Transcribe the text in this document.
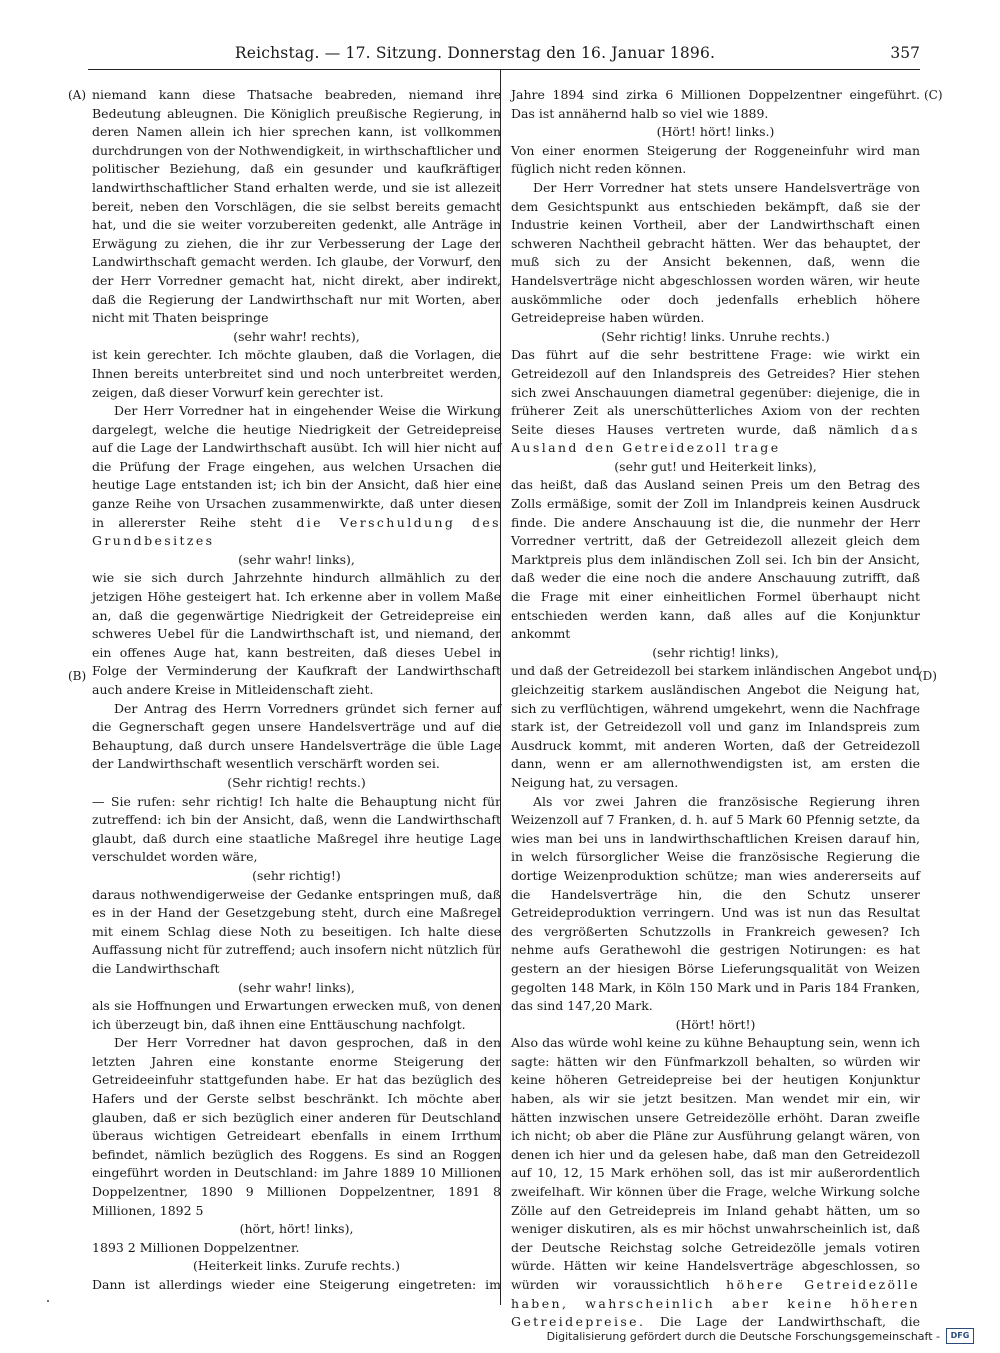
Reichstag. — 17. Sitzung. Donnerstag den 16. Januar 1896.	357
(A)
(B)
(C)
(D)

niemand kann diese Thatsache beabreden, niemand ihre Bedeutung ableugnen. Die Königlich preußische Regierung, in deren Namen allein ich hier sprechen kann, ist vollkommen durchdrungen von der Nothwendigkeit, in wirthschaftlicher und politischer Beziehung, daß ein gesunder und kaufkräftiger landwirthschaftlicher Stand erhalten werde, und sie ist allezeit bereit, neben den Vorschlägen, die sie selbst bereits gemacht hat, und die sie weiter vorzubereiten gedenkt, alle Anträge in Erwägung zu ziehen, die ihr zur Verbesserung der Lage der Landwirthschaft gemacht werden. Ich glaube, der Vorwurf, den der Herr Vorredner gemacht hat, nicht direkt, aber indirekt, daß die Regierung der Landwirthschaft nur mit Worten, aber nicht mit Thaten beispringe

(sehr wahr! rechts),

ist kein gerechter. Ich möchte glauben, daß die Vorlagen, die Ihnen bereits unterbreitet sind und noch unterbreitet werden, zeigen, daß dieser Vorwurf kein gerechter ist.

Der Herr Vorredner hat in eingehender Weise die Wirkung dargelegt, welche die heutige Niedrigkeit der Getreidepreise auf die Lage der Landwirthschaft ausübt. Ich will hier nicht auf die Prüfung der Frage eingehen, aus welchen Ursachen die heutige Lage entstanden ist; ich bin der Ansicht, daß hier eine ganze Reihe von Ursachen zusammenwirkte, daß unter diesen in allererster Reihe steht die Verschuldung des Grundbesitzes

(sehr wahr! links),

wie sie sich durch Jahrzehnte hindurch allmählich zu der jetzigen Höhe gesteigert hat. Ich erkenne aber in vollem Maße an, daß die gegenwärtige Niedrigkeit der Getreidepreise ein schweres Uebel für die Landwirthschaft ist, und niemand, der ein offenes Auge hat, kann bestreiten, daß dieses Uebel in Folge der Verminderung der Kaufkraft der Landwirthschaft auch andere Kreise in Mitleidenschaft zieht.

Der Antrag des Herrn Vorredners gründet sich ferner auf die Gegnerschaft gegen unsere Handelsverträge und auf die Behauptung, daß durch unsere Handelsverträge die üble Lage der Landwirthschaft wesentlich verschärft worden sei.

(Sehr richtig! rechts.)

— Sie rufen: sehr richtig! Ich halte die Behauptung nicht für zutreffend: ich bin der Ansicht, daß, wenn die Landwirthschaft glaubt, daß durch eine staatliche Maßregel ihre heutige Lage verschuldet worden wäre,

(sehr richtig!)

daraus nothwendigerweise der Gedanke entspringen muß, daß es in der Hand der Gesetzgebung steht, durch eine Maßregel mit einem Schlag diese Noth zu beseitigen. Ich halte diese Auffassung nicht für zutreffend; auch insofern nicht nützlich für die Landwirthschaft

(sehr wahr! links),

als sie Hoffnungen und Erwartungen erwecken muß, von denen ich überzeugt bin, daß ihnen eine Enttäuschung nachfolgt.

Der Herr Vorredner hat davon gesprochen, daß in den letzten Jahren eine konstante enorme Steigerung der Getreideeinfuhr stattgefunden habe. Er hat das bezüglich des Hafers und der Gerste selbst beschränkt. Ich möchte aber glauben, daß er sich bezüglich einer anderen für Deutschland überaus wichtigen Getreideart ebenfalls in einem Irrthum befindet, nämlich bezüglich des Roggens. Es sind an Roggen eingeführt worden in Deutschland: im Jahre 1889 10 Millionen Doppelzentner, 1890 9 Millionen Doppelzentner, 1891 8 Millionen, 1892 5

(hört, hört! links),

1893 2 Millionen Doppelzentner.

(Heiterkeit links. Zurufe rechts.)

Dann ist allerdings wieder eine Steigerung eingetreten: im

Jahre 1894 sind zirka 6 Millionen Doppelzentner eingeführt. Das ist annähernd halb so viel wie 1889.

(Hört! hört! links.)

Von einer enormen Steigerung der Roggeneinfuhr wird man füglich nicht reden können.

Der Herr Vorredner hat stets unsere Handelsverträge von dem Gesichtspunkt aus entschieden bekämpft, daß sie der Industrie keinen Vortheil, aber der Landwirthschaft einen schweren Nachtheil gebracht hätten. Wer das behauptet, der muß sich zu der Ansicht bekennen, daß, wenn die Handelsverträge nicht abgeschlossen worden wären, wir heute auskömmliche oder doch jedenfalls erheblich höhere Getreidepreise haben würden.

(Sehr richtig! links. Unruhe rechts.)

Das führt auf die sehr bestrittene Frage: wie wirkt ein Getreidezoll auf den Inlandspreis des Getreides? Hier stehen sich zwei Anschauungen diametral gegenüber: diejenige, die in früherer Zeit als unerschütterliches Axiom von der rechten Seite dieses Hauses vertreten wurde, daß nämlich das Ausland den Getreidezoll trage

(sehr gut! und Heiterkeit links),

das heißt, daß das Ausland seinen Preis um den Betrag des Zolls ermäßige, somit der Zoll im Inlandpreis keinen Ausdruck finde. Die andere Anschauung ist die, die nunmehr der Herr Vorredner vertritt, daß der Getreidezoll allezeit gleich dem Marktpreis plus dem inländischen Zoll sei. Ich bin der Ansicht, daß weder die eine noch die andere Anschauung zutrifft, daß die Frage mit einer einheitlichen Formel überhaupt nicht entschieden werden kann, daß alles auf die Konjunktur ankommt

(sehr richtig! links),

und daß der Getreidezoll bei starkem inländischen Angebot und gleichzeitig starkem ausländischen Angebot die Neigung hat, sich zu verflüchtigen, während umgekehrt, wenn die Nachfrage stark ist, der Getreidezoll voll und ganz im Inlandspreis zum Ausdruck kommt, mit anderen Worten, daß der Getreidezoll dann, wenn er am allernothwendigsten ist, am ersten die Neigung hat, zu versagen.

Als vor zwei Jahren die französische Regierung ihren Weizenzoll auf 7 Franken, d. h. auf 5 Mark 60 Pfennig setzte, da wies man bei uns in landwirthschaftlichen Kreisen darauf hin, in welch fürsorglicher Weise die französische Regierung die dortige Weizenproduktion schütze; man wies andererseits auf die Handelsverträge hin, die den Schutz unserer Getreideproduktion verringern. Und was ist nun das Resultat des vergrößerten Schutzzolls in Frankreich gewesen? Ich nehme aufs Gerathewohl die gestrigen Notirungen: es hat gestern an der hiesigen Börse Lieferungsqualität von Weizen gegolten 148 Mark, in Köln 150 Mark und in Paris 184 Franken, das sind 147,20 Mark.

(Hört! hört!)

Also das würde wohl keine zu kühne Behauptung sein, wenn ich sagte: hätten wir den Fünfmarkzoll behalten, so würden wir keine höheren Getreidepreise bei der heutigen Konjunktur haben, als wir sie jetzt besitzen. Man wendet mir ein, wir hätten inzwischen unsere Getreidezölle erhöht. Daran zweifle ich nicht; ob aber die Pläne zur Ausführung gelangt wären, von denen ich hier und da gelesen habe, daß man den Getreidezoll auf 10, 12, 15 Mark erhöhen soll, das ist mir außerordentlich zweifelhaft. Wir können über die Frage, welche Wirkung solche Zölle auf den Getreidepreis im Inland gehabt hätten, um so weniger diskutiren, als es mir höchst unwahrscheinlich ist, daß der Deutsche Reichstag solche Getreidezölle jemals votiren würde. Hätten wir keine Handelsverträge abgeschlossen, so würden wir voraussichtlich höhere Getreidezölle haben, wahrscheinlich aber keine höheren Getreidepreise. Die Lage der Landwirthschaft, die

Digitalisierung gefördert durch die Deutsche Forschungsgemeinschaft -	DFG
